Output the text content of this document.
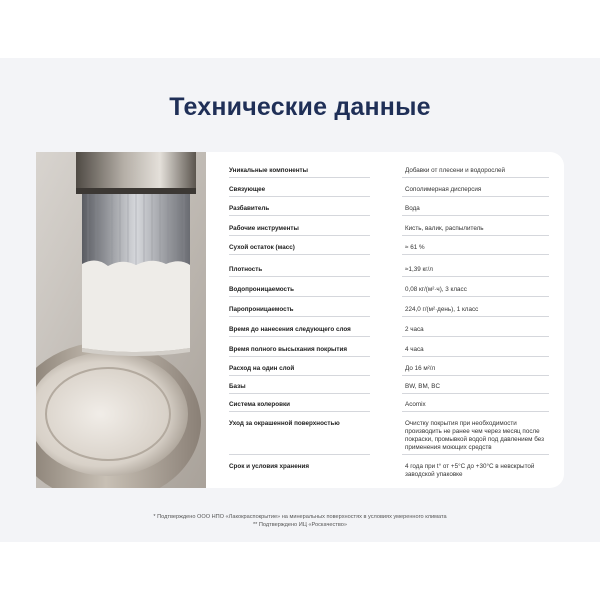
Технические данные
Уникальные компоненты	Добавки от плесени и водорослей
Связующее	Сополимерная дисперсия
Разбавитель	Вода
Рабочие инструменты	Кисть, валик, распылитель
Сухой остаток (масс)	≈ 61 %
Плотность	≈1,39 кг/л
Водопроницаемость	0,08 кг/(м²·ч), 3 класс
Паропроницаемость	224,0 г/(м²·день), 1 класс
Время до нанесения следующего слоя	2 часа
Время полного высыхания покрытия	4 часа
Расход на один слой	До 16 м²/л
Базы	BW, BM, BC
Система колеровки	Acomix
Уход за окрашенной поверхностью	Очистку покрытия при необходимости производить не ранее чем через месяц после покраски, промывкой водой под давлением без применения моющих средств
Срок и условия хранения	4 года при t° от +5°C до +30°C в невскрытой заводской упаковке
* Подтверждено ООО НПО «Лакокраспокрытие» на минеральных поверхностях в условиях умеренного климата
** Подтверждено ИЦ «Роскачество»
